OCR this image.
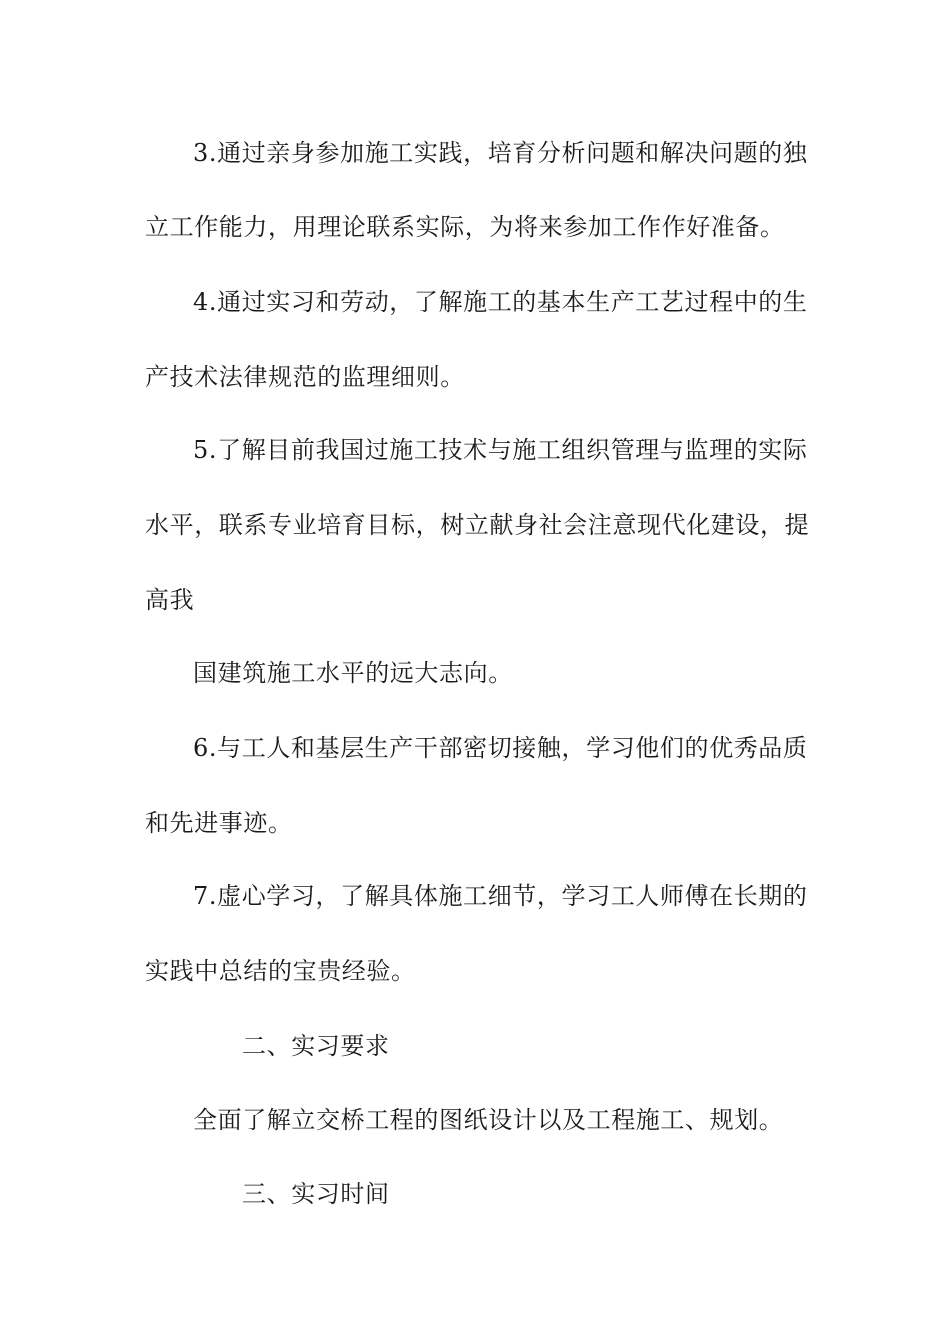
3.通过亲身参加施工实践，培育分析问题和解决问题的独
立工作能力，用理论联系实际，为将来参加工作作好准备。
4.通过实习和劳动，了解施工的基本生产工艺过程中的生
产技术法律规范的监理细则。
5.了解目前我国过施工技术与施工组织管理与监理的实际
水平，联系专业培育目标，树立献身社会注意现代化建设，提
高我
国建筑施工水平的远大志向。
6.与工人和基层生产干部密切接触，学习他们的优秀品质
和先进事迹。
7.虚心学习，了解具体施工细节，学习工人师傅在长期的
实践中总结的宝贵经验。
二、实习要求
全面了解立交桥工程的图纸设计以及工程施工、规划。
三、实习时间
